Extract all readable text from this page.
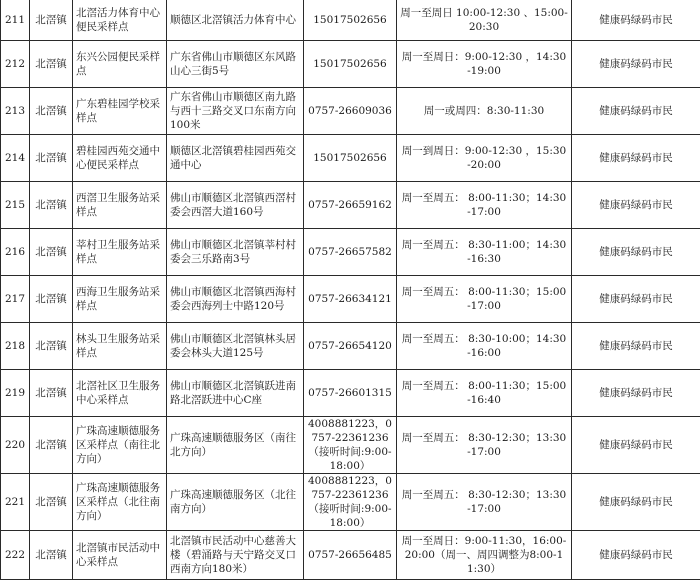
211	北滘镇	北滘活力体育中心便民采样点	顺德区北滘镇活力体育中心	15017502656	周一至周日 10:00-12:30 、15:00-20:30	健康码绿码市民
212	北滘镇	东兴公园便民采样点	广东省佛山市顺德区东风路山心三街5号	15017502656	周一至周日：9:00-12:30 ，14:30-19:00	健康码绿码市民
213	北滘镇	广东碧桂园学校采样点	广东省佛山市顺德区南九路与西十三路交叉口东南方向100米	0757-26609036	周一或周四：8:30-11:30	健康码绿码市民
214	北滘镇	碧桂园西苑交通中心便民采样点	顺德区北滘镇碧桂园西苑交通中心	15017502656	周一到周日：9:00-12:30 ，15:30-20:00	健康码绿码市民
215	北滘镇	西滘卫生服务站采样点	佛山市顺德区北滘镇西滘村委会西滘大道160号	0757-26659162	周一至周五： 8:00-11:30；14:30-17:00	健康码绿码市民
216	北滘镇	莘村卫生服务站采样点	佛山市顺德区北滘镇莘村村委会三乐路南3号	0757-26657582	周一至周五： 8:30-11:00；14:30-16:30	健康码绿码市民
217	北滘镇	西海卫生服务站采样点	佛山市顺德区北滘镇西海村委会西海列士中路120号	0757-26634121	周一至周五： 8:00-11:30；15:00-17:00	健康码绿码市民
218	北滘镇	林头卫生服务站采样点	佛山市顺德区北滘镇林头居委会林头大道125号	0757-26654120	周一至周五： 8:30-10:00；14:30-16:00	健康码绿码市民
219	北滘镇	北滘社区卫生服务中心采样点	佛山市顺德区北滘镇跃进南路北滘跃进中心C座	0757-26601315	周一至周五： 8:00-11:30；15:00-16:40	健康码绿码市民
220	北滘镇	广珠高速顺德服务区采样点（南往北方向）	广珠高速顺德服务区（南往北方向）	4008881223，0757-22361236（接听时间:9:00-18:00）	周一至周五： 8:30-12:30；13:30-17:00	健康码绿码市民
221	北滘镇	广珠高速顺德服务区采样点（北往南方向）	广珠高速顺德服务区（北往南方向）	4008881223，0757-22361236（接听时间:9:00-18:00）	周一至周五： 8:30-12:30；13:30-17:00	健康码绿码市民
222	北滘镇	北滘镇市民活动中心采样点	北滘镇市民活动中心慈善大楼（碧涌路与天宁路交叉口西南方向180米）	0757-26656485	周一至周日：9:00-11:30，16:00-20:00（周一、周四调整为8:00-11:30）	健康码绿码市民
